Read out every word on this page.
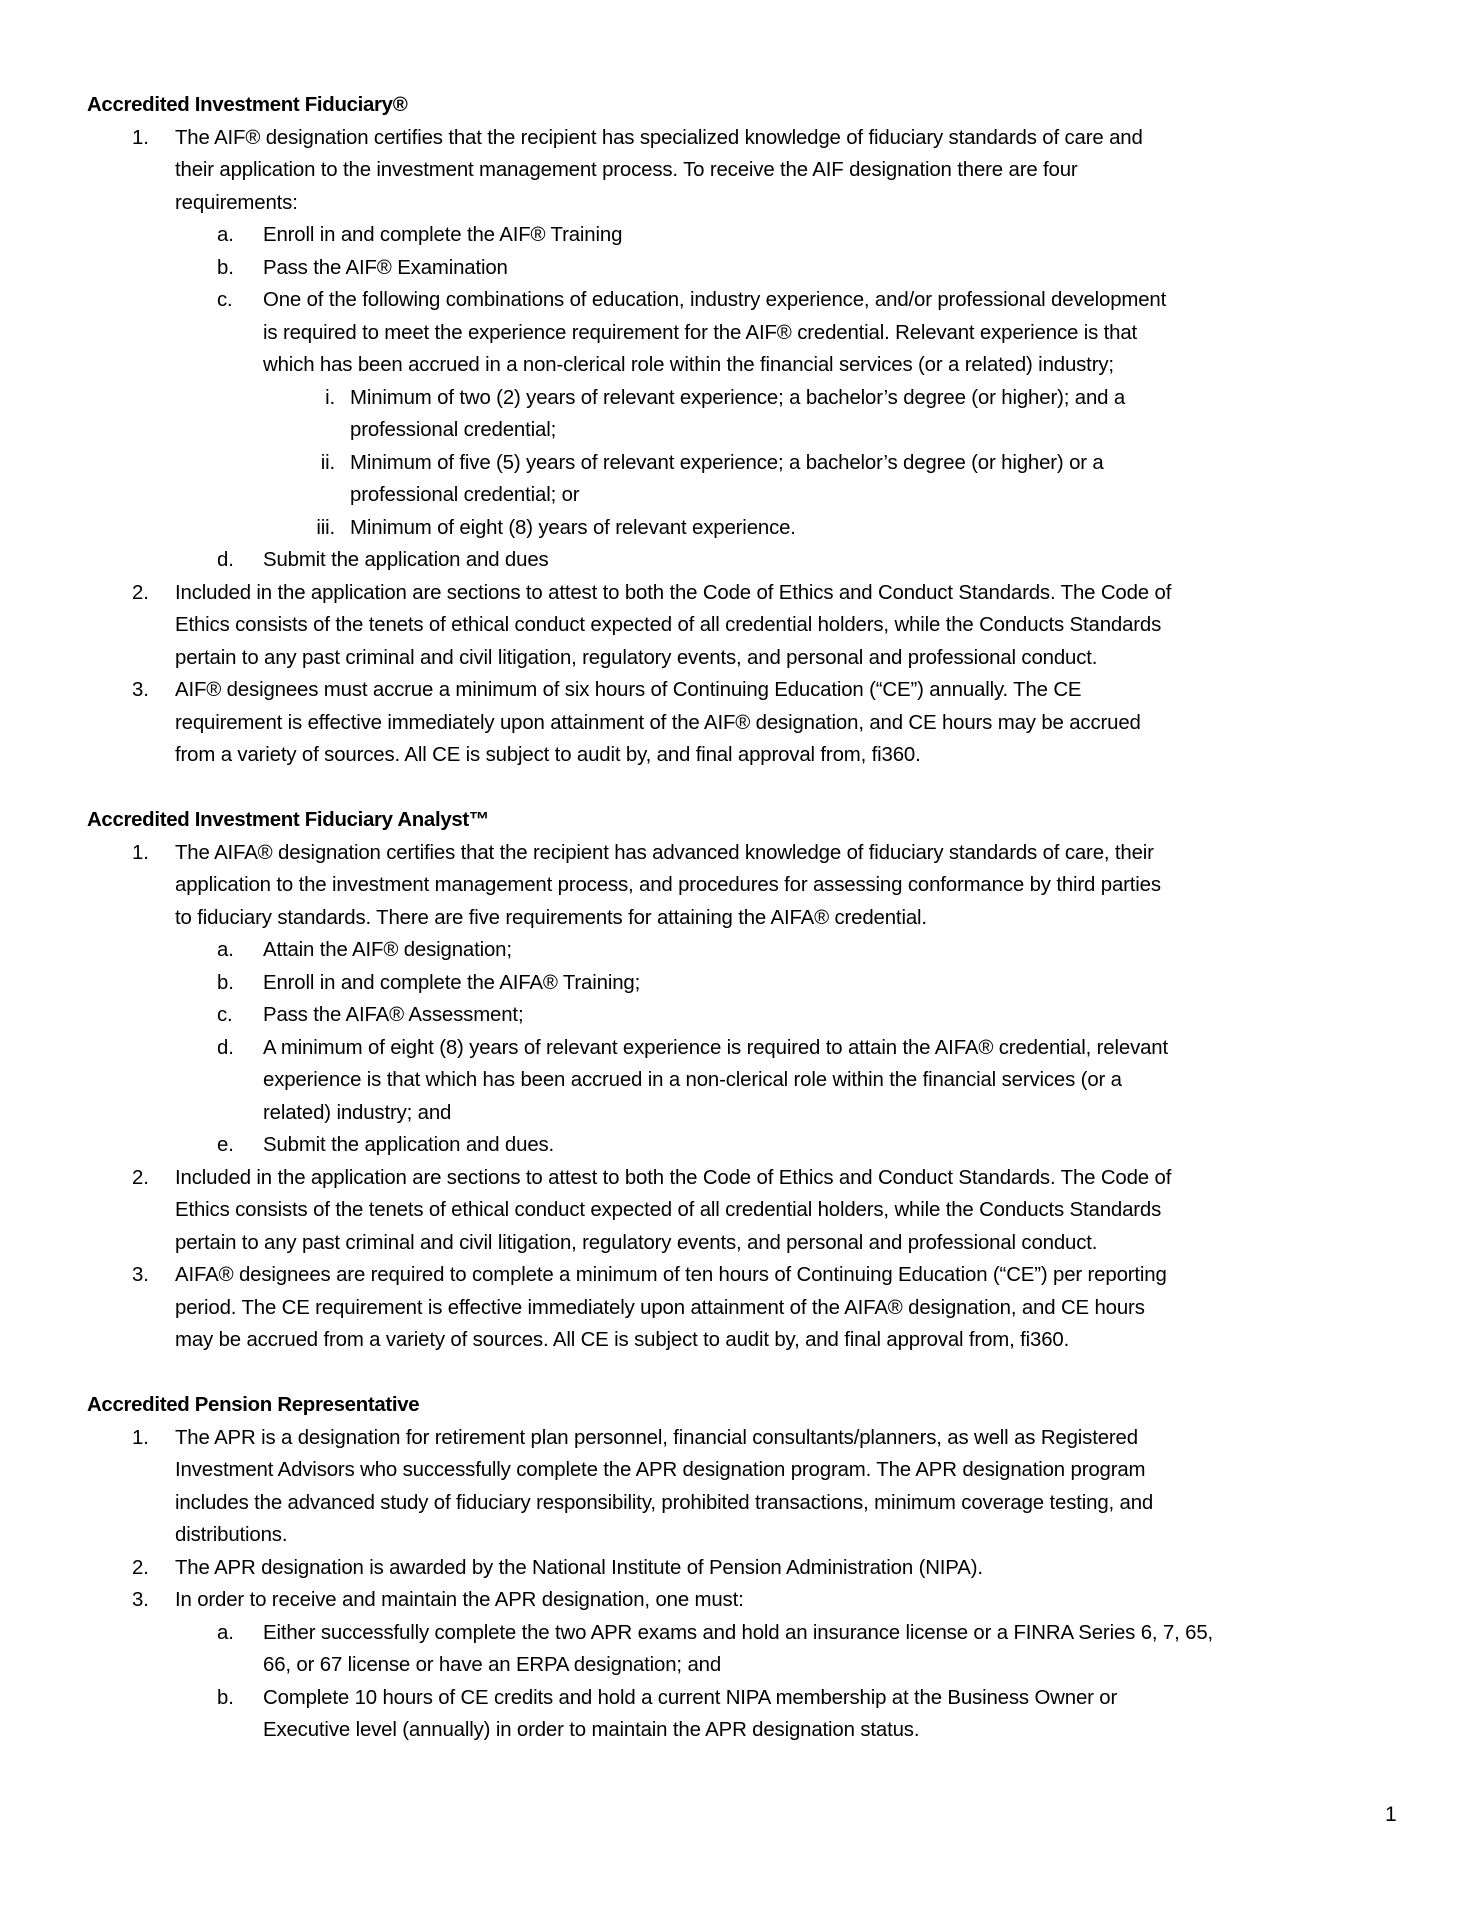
Accredited Investment Fiduciary®
1. The AIF® designation certifies that the recipient has specialized knowledge of fiduciary standards of care and
their application to the investment management process. To receive the AIF designation there are four
requirements:
a. Enroll in and complete the AIF® Training
b. Pass the AIF® Examination
c. One of the following combinations of education, industry experience, and/or professional development
is required to meet the experience requirement for the AIF® credential. Relevant experience is that
which has been accrued in a non-clerical role within the financial services (or a related) industry;
i. Minimum of two (2) years of relevant experience; a bachelor’s degree (or higher); and a
professional credential;
ii. Minimum of five (5) years of relevant experience; a bachelor’s degree (or higher) or a
professional credential; or
iii. Minimum of eight (8) years of relevant experience.
d. Submit the application and dues
2. Included in the application are sections to attest to both the Code of Ethics and Conduct Standards. The Code of
Ethics consists of the tenets of ethical conduct expected of all credential holders, while the Conducts Standards
pertain to any past criminal and civil litigation, regulatory events, and personal and professional conduct.
3. AIF® designees must accrue a minimum of six hours of Continuing Education (“CE”) annually. The CE
requirement is effective immediately upon attainment of the AIF® designation, and CE hours may be accrued
from a variety of sources. All CE is subject to audit by, and final approval from, fi360.
Accredited Investment Fiduciary Analyst™
1. The AIFA® designation certifies that the recipient has advanced knowledge of fiduciary standards of care, their
application to the investment management process, and procedures for assessing conformance by third parties
to fiduciary standards. There are five requirements for attaining the AIFA® credential.
a. Attain the AIF® designation;
b. Enroll in and complete the AIFA® Training;
c. Pass the AIFA® Assessment;
d. A minimum of eight (8) years of relevant experience is required to attain the AIFA® credential, relevant
experience is that which has been accrued in a non-clerical role within the financial services (or a
related) industry; and
e. Submit the application and dues.
2. Included in the application are sections to attest to both the Code of Ethics and Conduct Standards. The Code of
Ethics consists of the tenets of ethical conduct expected of all credential holders, while the Conducts Standards
pertain to any past criminal and civil litigation, regulatory events, and personal and professional conduct.
3. AIFA® designees are required to complete a minimum of ten hours of Continuing Education (“CE”) per reporting
period. The CE requirement is effective immediately upon attainment of the AIFA® designation, and CE hours
may be accrued from a variety of sources. All CE is subject to audit by, and final approval from, fi360.
Accredited Pension Representative
1. The APR is a designation for retirement plan personnel, financial consultants/planners, as well as Registered
Investment Advisors who successfully complete the APR designation program. The APR designation program
includes the advanced study of fiduciary responsibility, prohibited transactions, minimum coverage testing, and
distributions.
2. The APR designation is awarded by the National Institute of Pension Administration (NIPA).
3. In order to receive and maintain the APR designation, one must:
a. Either successfully complete the two APR exams and hold an insurance license or a FINRA Series 6, 7, 65,
66, or 67 license or have an ERPA designation; and
b. Complete 10 hours of CE credits and hold a current NIPA membership at the Business Owner or
Executive level (annually) in order to maintain the APR designation status.
1
